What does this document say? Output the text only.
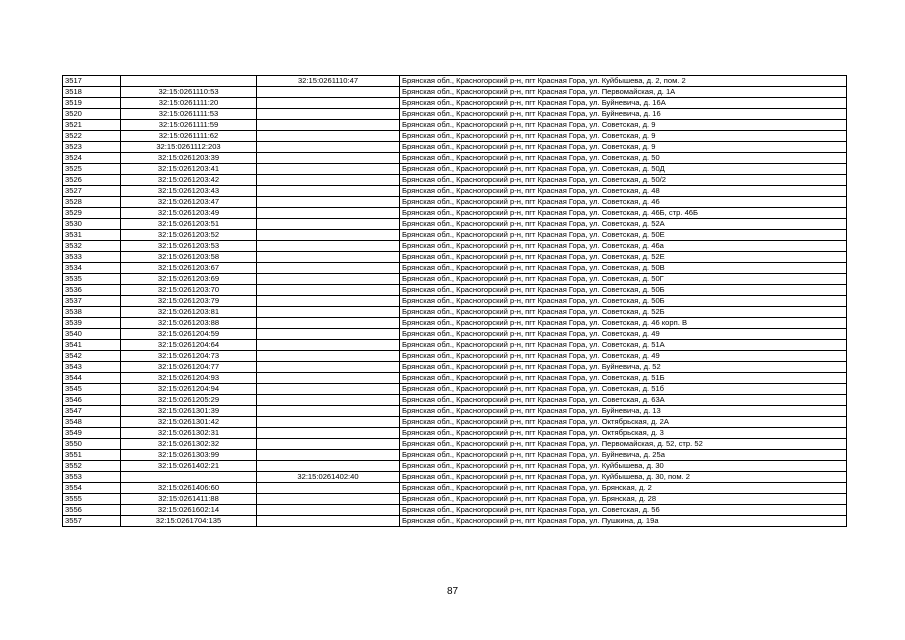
3517		32:15:0261110:47	Брянская обл., Красногорский р-н, пгт Красная Гора, ул. Куйбышева, д. 2, пом. 2
3518	32:15:0261110:53		Брянская обл., Красногорский р-н, пгт Красная Гора, ул. Первомайская, д. 1А
3519	32:15:0261111:20		Брянская обл., Красногорский р-н, пгт Красная Гора, ул. Буйневича, д. 16А
3520	32:15:0261111:53		Брянская обл., Красногорский р-н, пгт Красная Гора, ул. Буйневича, д. 16
3521	32:15:0261111:59		Брянская обл., Красногорский р-н, пгт Красная Гора, ул. Советская, д. 9
3522	32:15:0261111:62		Брянская обл., Красногорский р-н, пгт Красная Гора, ул. Советская, д. 9
3523	32:15:0261112:203		Брянская обл., Красногорский р-н, пгт Красная Гора, ул. Советская, д. 9
3524	32:15:0261203:39		Брянская обл., Красногорский р-н, пгт Красная Гора, ул. Советская, д. 50
3525	32:15:0261203:41		Брянская обл., Красногорский р-н, пгт Красная Гора, ул. Советская, д. 50Д
3526	32:15:0261203:42		Брянская обл., Красногорский р-н, пгт Красная Гора, ул. Советская, д. 50/2
3527	32:15:0261203:43		Брянская обл., Красногорский р-н, пгт Красная Гора, ул. Советская, д. 48
3528	32:15:0261203:47		Брянская обл., Красногорский р-н, пгт Красная Гора, ул. Советская, д. 46
3529	32:15:0261203:49		Брянская обл., Красногорский р-н, пгт Красная Гора, ул. Советская, д. 46Б, стр. 46Б
3530	32:15:0261203:51		Брянская обл., Красногорский р-н, пгт Красная Гора, ул. Советская, д. 52А
3531	32:15:0261203:52		Брянская обл., Красногорский р-н, пгт Красная Гора, ул. Советская, д. 50Е
3532	32:15:0261203:53		Брянская обл., Красногорский р-н, пгт Красная Гора, ул. Советская, д. 46а
3533	32:15:0261203:58		Брянская обл., Красногорский р-н, пгт Красная Гора, ул. Советская, д. 52Е
3534	32:15:0261203:67		Брянская обл., Красногорский р-н, пгт Красная Гора, ул. Советская, д. 50В
3535	32:15:0261203:69		Брянская обл., Красногорский р-н, пгт Красная Гора, ул. Советская, д. 50Г
3536	32:15:0261203:70		Брянская обл., Красногорский р-н, пгт Красная Гора, ул. Советская, д. 50Б
3537	32:15:0261203:79		Брянская обл., Красногорский р-н, пгт Красная Гора, ул. Советская, д. 50Б
3538	32:15:0261203:81		Брянская обл., Красногорский р-н, пгт Красная Гора, ул. Советская, д. 52Б
3539	32:15:0261203:88		Брянская обл., Красногорский р-н, пгт Красная Гора, ул. Советская, д. 46 корп. В
3540	32:15:0261204:59		Брянская обл., Красногорский р-н, пгт Красная Гора, ул. Советская, д. 49
3541	32:15:0261204:64		Брянская обл., Красногорский р-н, пгт Красная Гора, ул. Советская, д. 51А
3542	32:15:0261204:73		Брянская обл., Красногорский р-н, пгт Красная Гора, ул. Советская, д. 49
3543	32:15:0261204:77		Брянская обл., Красногорский р-н, пгт Красная Гора, ул. Буйневича, д. 52
3544	32:15:0261204:93		Брянская обл., Красногорский р-н, пгт Красная Гора, ул. Советская, д. 51Б
3545	32:15:0261204:94		Брянская обл., Красногорский р-н, пгт Красная Гора, ул. Советская, д. 51б
3546	32:15:0261205:29		Брянская обл., Красногорский р-н, пгт Красная Гора, ул. Советская, д. 63А
3547	32:15:0261301:39		Брянская обл., Красногорский р-н, пгт Красная Гора, ул. Буйневича, д. 13
3548	32:15:0261301:42		Брянская обл., Красногорский р-н, пгт Красная Гора, ул. Октябрьская, д. 2А
3549	32:15:0261302:31		Брянская обл., Красногорский р-н, пгт Красная Гора, ул. Октябрьская, д. 3
3550	32:15:0261302:32		Брянская обл., Красногорский р-н, пгт Красная Гора, ул. Первомайская, д. 52, стр. 52
3551	32:15:0261303:99		Брянская обл., Красногорский р-н, пгт Красная Гора, ул. Буйневича, д. 25а
3552	32:15:0261402:21		Брянская обл., Красногорский р-н, пгт Красная Гора, ул. Куйбышева, д. 30
3553		32:15:0261402:40	Брянская обл., Красногорский р-н, пгт Красная Гора, ул. Куйбышева, д. 30, пом. 2
3554	32:15:0261406:60		Брянская обл., Красногорский р-н, пгт Красная Гора, ул. Брянская, д. 2
3555	32:15:0261411:88		Брянская обл., Красногорский р-н, пгт Красная Гора, ул. Брянская, д. 28
3556	32:15:0261602:14		Брянская обл., Красногорский р-н, пгт Красная Гора, ул. Советская, д. 56
3557	32:15:0261704:135		Брянская обл., Красногорский р-н, пгт Красная Гора, ул. Пушкина, д. 19а
87
